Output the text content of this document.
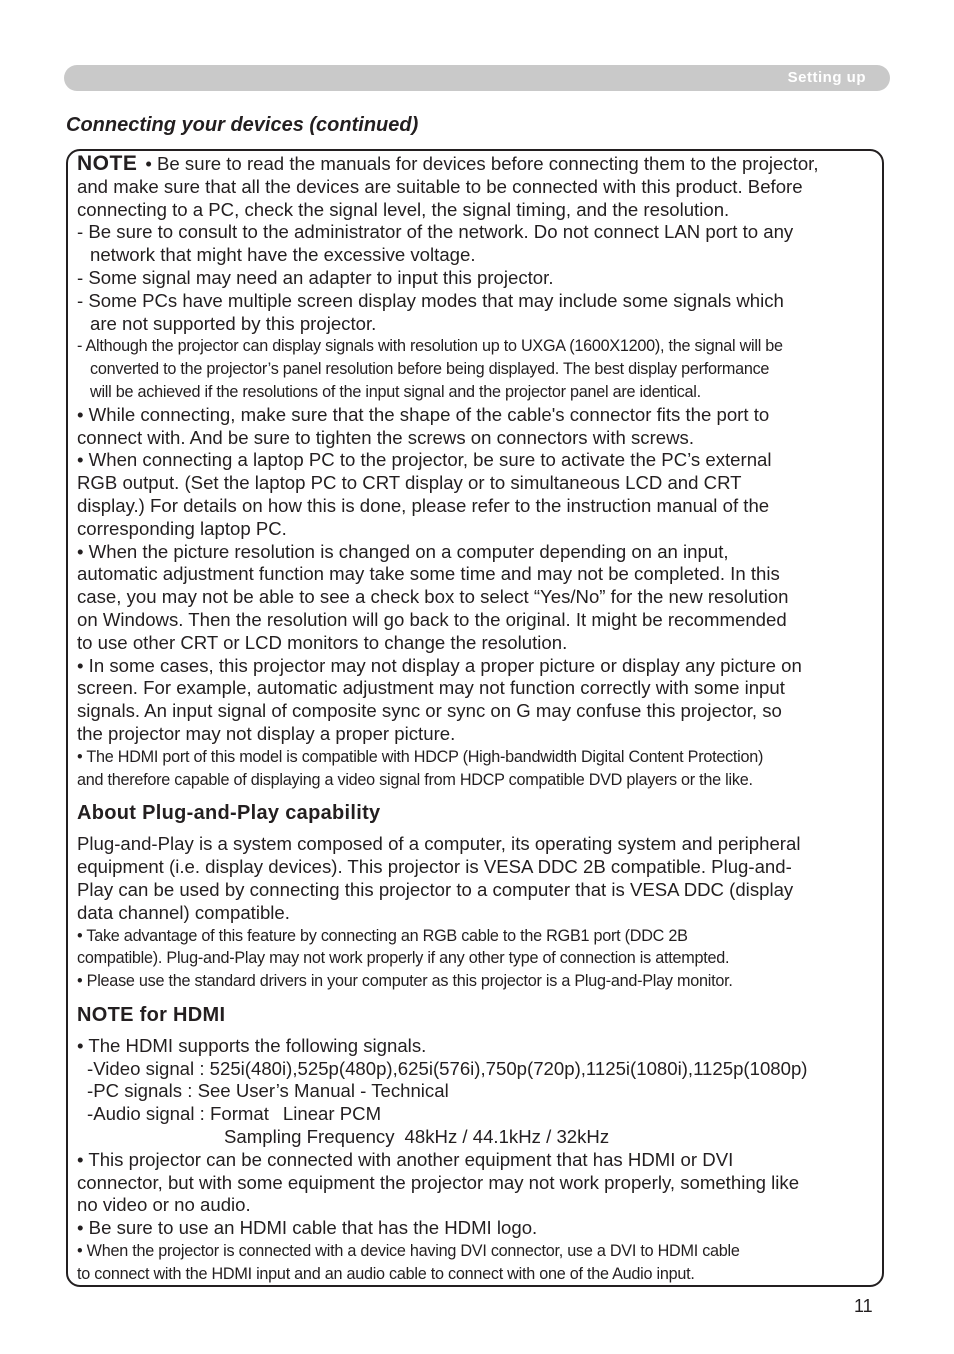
Setting up
Connecting your devices (continued)

NOTE • Be sure to read the manuals for devices before connecting them to the projector,

and make sure that all the devices are suitable to be connected with this product. Before

connecting to a PC, check the signal level, the signal timing, and the resolution.

- Be sure to consult to the administrator of the network. Do not connect LAN port to any

network that might have the excessive voltage.

- Some signal may need an adapter to input this projector.

- Some PCs have multiple screen display modes that may include some signals which

are not supported by this projector.

- Although the projector can display signals with resolution up to UXGA (1600X1200), the signal will be

converted to the projector’s panel resolution before being displayed. The best display performance

will be achieved if the resolutions of the input signal and the projector panel are identical.

• While connecting, make sure that the shape of the cable's connector fits the port to

connect with. And be sure to tighten the screws on connectors with screws.

• When connecting a laptop PC to the projector, be sure to activate the PC’s external

RGB output. (Set the laptop PC to CRT display or to simultaneous LCD and CRT

display.) For details on how this is done, please refer to the instruction manual of the

corresponding laptop PC.

• When the picture resolution is changed on a computer depending on an input,

automatic adjustment function may take some time and may not be completed. In this

case, you may not be able to see a check box to select “Yes/No” for the new resolution

on Windows. Then the resolution will go back to the original. It might be recommended

to use other CRT or LCD monitors to change the resolution.

• In some cases, this projector may not display a proper picture or display any picture on

screen. For example, automatic adjustment may not function correctly with some input

signals. An input signal of composite sync or sync on G may confuse this projector, so

the projector may not display a proper picture.

• The HDMI port of this model is compatible with HDCP (High-bandwidth Digital Content Protection)

and therefore capable of displaying a video signal from HDCP compatible DVD players or the like.

About Plug-and-Play capability

Plug-and-Play is a system composed of a computer, its operating system and peripheral

equipment (i.e. display devices). This projector is VESA DDC 2B compatible. Plug-and-

Play can be used by connecting this projector to a computer that is VESA DDC (display

data channel) compatible.

• Take advantage of this feature by connecting an RGB cable to the RGB1 port (DDC 2B

compatible). Plug-and-Play may not work properly if any other type of connection is attempted.

• Please use the standard drivers in your computer as this projector is a Plug-and-Play monitor.

NOTE for HDMI

• The HDMI supports the following signals.

-Video signal : 525i(480i),525p(480p),625i(576i),750p(720p),1125i(1080i),1125p(1080p)

-PC signals : See User’s Manual - Technical

-Audio signal : Format Linear PCM

Sampling Frequency 48kHz / 44.1kHz / 32kHz

• This projector can be connected with another equipment that has HDMI or DVI

connector, but with some equipment the projector may not work properly, something like

no video or no audio.

• Be sure to use an HDMI cable that has the HDMI logo.

• When the projector is connected with a device having DVI connector, use a DVI to HDMI cable

to connect with the HDMI input and an audio cable to connect with one of the Audio input.

11
